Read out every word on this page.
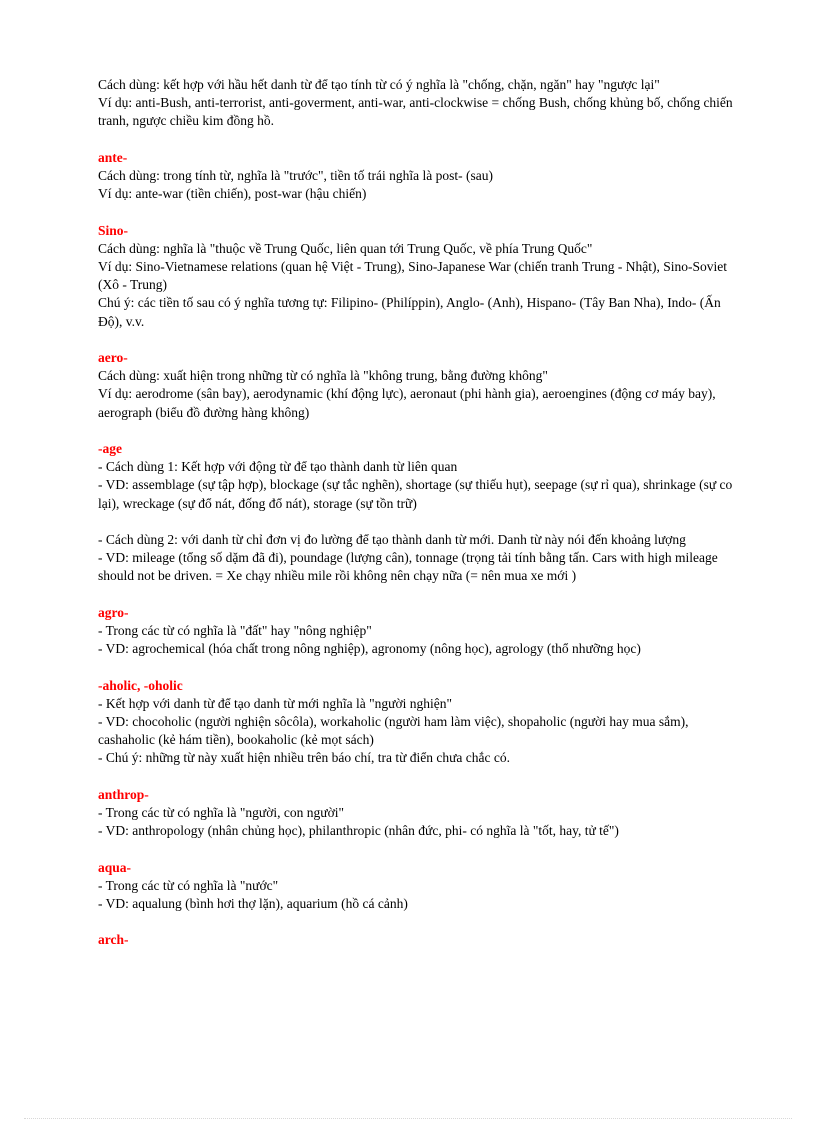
Cách dùng: kết hợp với hầu hết danh từ để tạo tính từ có ý nghĩa là "chống, chặn, ngăn" hay "ngược lại"
Ví dụ: anti-Bush, anti-terrorist, anti-goverment, anti-war, anti-clockwise = chống Bush, chống khủng bố, chống chiến tranh, ngược chiều kim đồng hồ.
ante-
Cách dùng: trong tính từ, nghĩa là "trước", tiền tố trái nghĩa là post- (sau)
Ví dụ: ante-war (tiền chiến), post-war (hậu chiến)
Sino-
Cách dùng: nghĩa là "thuộc về Trung Quốc, liên quan tới Trung Quốc, về phía Trung Quốc"
Ví dụ: Sino-Vietnamese relations (quan hệ Việt - Trung), Sino-Japanese War (chiến tranh Trung - Nhật), Sino-Soviet (Xô - Trung)
Chú ý: các tiền tố sau có ý nghĩa tương tự: Filipino- (Philíppin), Anglo- (Anh), Hispano- (Tây Ban Nha), Indo- (Ấn Độ), v.v.
aero-
Cách dùng: xuất hiện trong những từ có nghĩa là "không trung, bằng đường không"
Ví dụ: aerodrome (sân bay), aerodynamic (khí động lực), aeronaut (phi hành gia), aeroengines (động cơ máy bay), aerograph (biểu đồ đường hàng không)
-age
- Cách dùng 1: Kết hợp với động từ để tạo thành danh từ liên quan
- VD: assemblage (sự tập hợp), blockage (sự tắc nghẽn), shortage (sự thiếu hụt), seepage (sự rỉ qua), shrinkage (sự co lại), wreckage (sự đổ nát, đống đổ nát), storage (sự tồn trữ)
- Cách dùng 2: với danh từ chỉ đơn vị đo lường để tạo thành danh từ mới. Danh từ này nói đến khoảng lượng
- VD: mileage (tổng số dặm đã đi), poundage (lượng cân), tonnage (trọng tải tính bằng tấn. Cars with high mileage should not be driven. = Xe chạy nhiều mile rồi không nên chạy nữa (= nên mua xe mới )
agro-
- Trong các từ có nghĩa là "đất" hay "nông nghiệp"
- VD: agrochemical (hóa chất trong nông nghiệp), agronomy (nông học), agrology (thổ nhưỡng học)
-aholic, -oholic
- Kết hợp với danh từ để tạo danh từ mới nghĩa là "người nghiện"
- VD: chocoholic (người nghiện sôcôla), workaholic (người ham làm việc), shopaholic (người hay mua sắm), cashaholic (kẻ hám tiền), bookaholic (kẻ mọt sách)
- Chú ý: những từ này xuất hiện nhiều trên báo chí, tra từ điển chưa chắc có.
anthrop-
- Trong các từ có nghĩa là "người, con người"
- VD: anthropology (nhân chủng học), philanthropic (nhân đức, phi- có nghĩa là "tốt, hay, tử tế")
aqua-
- Trong các từ có nghĩa là "nước"
- VD: aqualung (bình hơi thợ lặn), aquarium (hồ cá cảnh)
arch-
